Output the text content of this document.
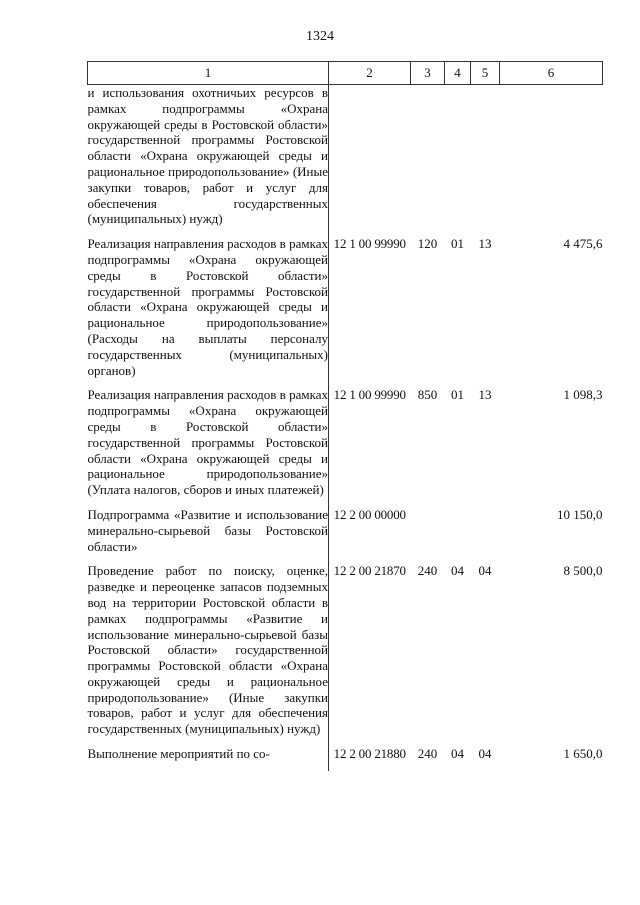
1324
1	2	3	4	5	6
и использования охотничьих ресурсов в рамках подпрограммы «Охрана окружающей среды в Ростовской области» государственной программы Ростовской области «Охрана окружающей среды и рациональное природопользование» (Иные закупки товаров, работ и услуг для обеспечения государственных (муниципальных) нужд)					
Реализация направления расходов в рамках подпрограммы «Охрана окружающей среды в Ростовской области» государственной программы Ростовской области «Охрана окружающей среды и рациональное природопользование» (Расходы на выплаты персоналу государственных (муниципальных) органов)	12 1 00 99990	120	01	13	4 475,6
Реализация направления расходов в рамках подпрограммы «Охрана окружающей среды в Ростовской области» государственной программы Ростовской области «Охрана окружающей среды и рациональное природопользование» (Уплата налогов, сборов и иных платежей)	12 1 00 99990	850	01	13	1 098,3
Подпрограмма «Развитие и использование минерально-сырьевой базы Ростовской области»	12 2 00 00000				10 150,0
Проведение работ по поиску, оценке, разведке и переоценке запасов подземных вод на территории Ростовской области в рамках подпрограммы «Развитие и использование минерально-сырьевой базы Ростовской области» государственной программы Ростовской области «Охрана окружающей среды и рациональное природопользование» (Иные закупки товаров, работ и услуг для обеспечения государственных (муниципальных) нужд)	12 2 00 21870	240	04	04	8 500,0
Выполнение мероприятий по со-	12 2 00 21880	240	04	04	1 650,0
